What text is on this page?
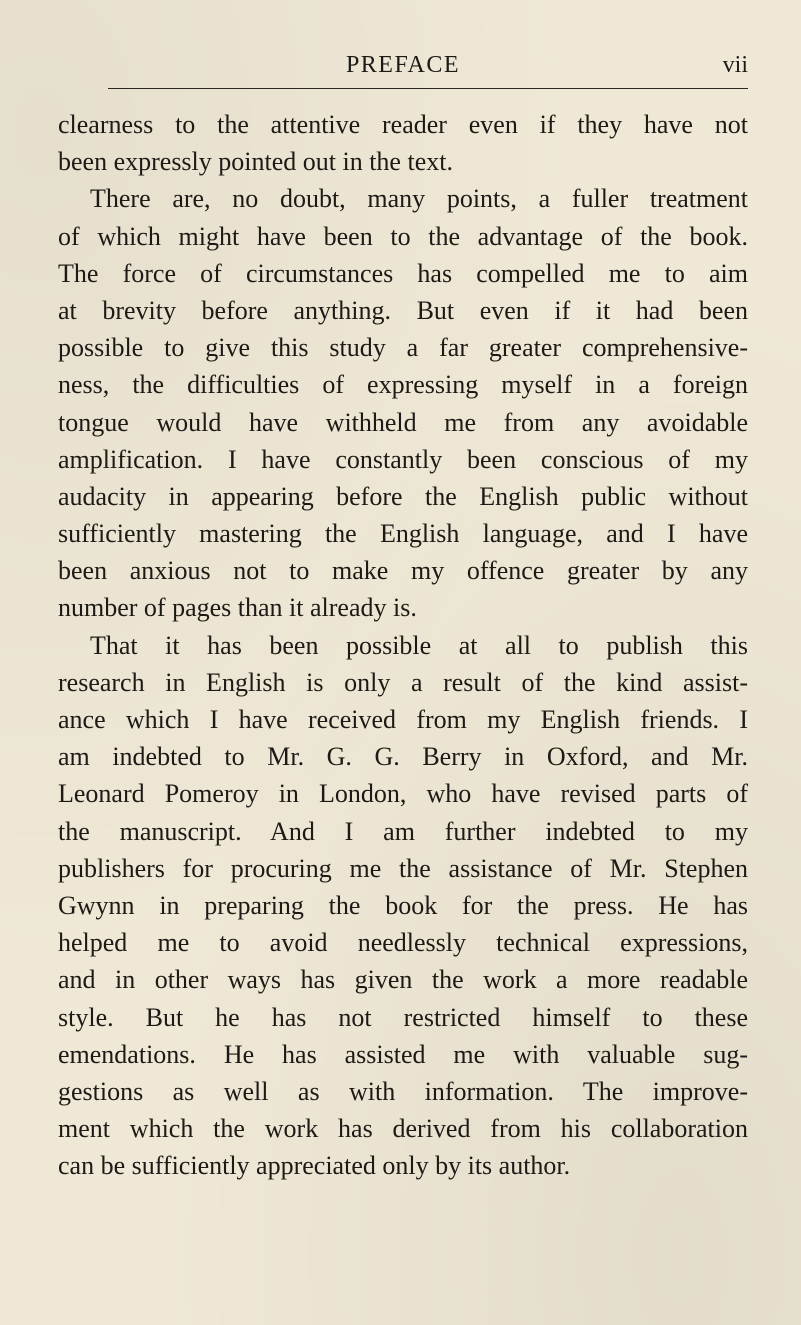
PREFACE	vii
clearness to the attentive reader even if they have not
been expressly pointed out in the text.
There are, no doubt, many points, a fuller treatment
of which might have been to the advantage of the book.
The force of circumstances has compelled me to aim
at brevity before anything. But even if it had been
possible to give this study a far greater comprehensive-
ness, the difficulties of expressing myself in a foreign
tongue would have withheld me from any avoidable
amplification. I have constantly been conscious of my
audacity in appearing before the English public without
sufficiently mastering the English language, and I have
been anxious not to make my offence greater by any
number of pages than it already is.
That it has been possible at all to publish this
research in English is only a result of the kind assist-
ance which I have received from my English friends. I
am indebted to Mr. G. G. Berry in Oxford, and Mr.
Leonard Pomeroy in London, who have revised parts of
the manuscript. And I am further indebted to my
publishers for procuring me the assistance of Mr. Stephen
Gwynn in preparing the book for the press. He has
helped me to avoid needlessly technical expressions,
and in other ways has given the work a more readable
style. But he has not restricted himself to these
emendations. He has assisted me with valuable sug-
gestions as well as with information. The improve-
ment which the work has derived from his collaboration
can be sufficiently appreciated only by its author.
